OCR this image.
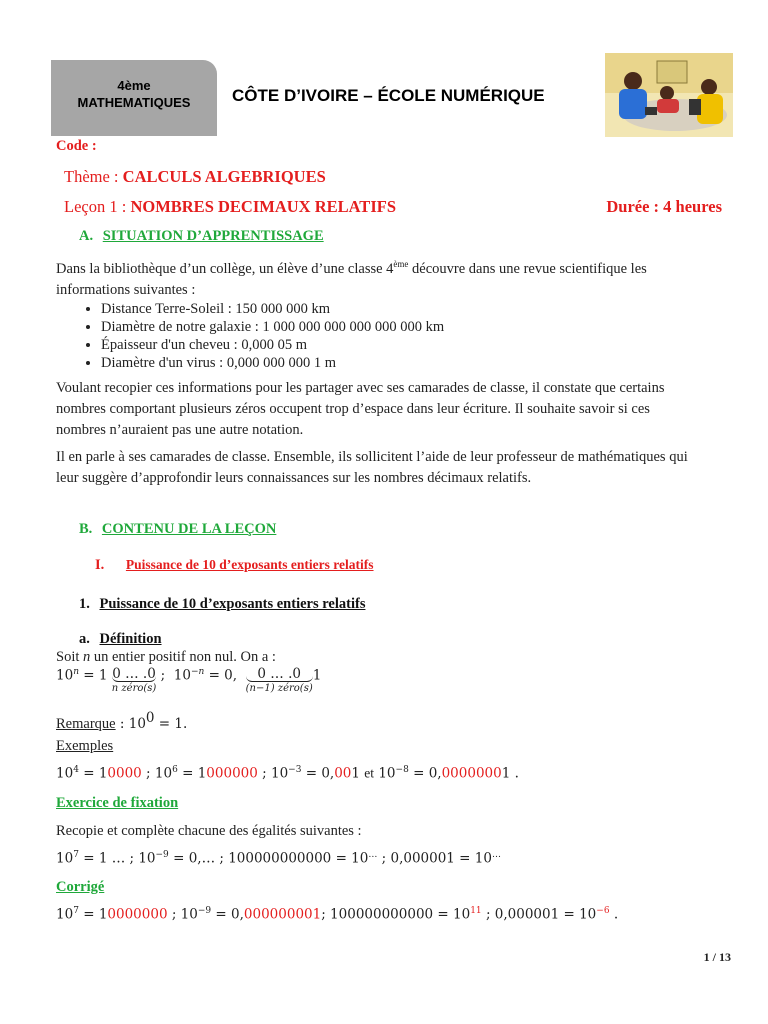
4ème
MATHEMATIQUES	CÔTE D’IVOIRE – ÉCOLE NUMÉRIQUE
Code :
Thème : CALCULS ALGEBRIQUES
Leçon 1 : NOMBRES DECIMAUX RELATIFS	Durée : 4 heures
A. SITUATION D’APPRENTISSAGE
Dans la bibliothèque d’un collège, un élève d’une classe 4ème découvre dans une revue scientifique les
informations suivantes :
• Distance Terre-Soleil : 150 000 000 km
• Diamètre de notre galaxie : 1 000 000 000 000 000 000 km
• Épaisseur d'un cheveu : 0,000 05 m
• Diamètre d'un virus : 0,000 000 000 1 m
Voulant recopier ces informations pour les partager avec ses camarades de classe, il constate que certains
nombres comportant plusieurs zéros occupent trop d’espace dans leur écriture. Il souhaite savoir si ces
nombres n’auraient pas une autre notation.
Il en parle à ses camarades de classe. Ensemble, ils sollicitent l’aide de leur professeur de mathématiques qui
leur suggère d’approfondir leurs connaissances sur les nombres décimaux relatifs.
B. CONTENU DE LA LEÇON
I. Puissance de 10 d’exposants entiers relatifs
1. Puissance de 10 d’exposants entiers relatifs
a. Définition
Soit n un entier positif non nul. On a :
$10^n = 1$ 0 … .0
n zéro(s)
;  $10^{-n} = 0$, 0 … .0
(n−1) zéro(s)
1
Remarque : $10^0 = 1$.
Exemples
$10^4 = 10000$ ; $10^6 = 1000000$ ; $10^{-3} = 0,001$ et $10^{-8} = 0,00000001$ .
Exercice de fixation
Recopie et complète chacune des égalités suivantes :
$10^7 = 1$ … ; $10^{-9}$ = 0,… ; 100000000000 = 10… ; 0,000001 = 10…
Corrigé
$10^7 = 10000000$ ; $10^{-9} = 0,000000001$; $100000000000 = 10^{11}$ ; $0,000001 = 10^{-6}$ .
1 / 13
